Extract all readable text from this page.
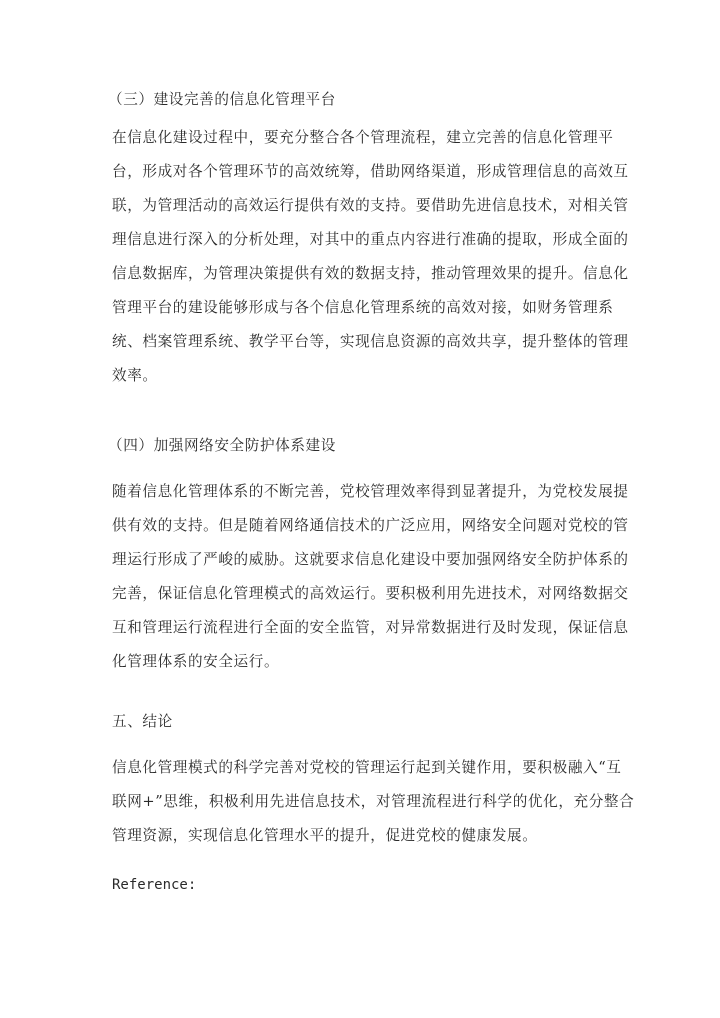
（三）建设完善的信息化管理平台
在信息化建设过程中，要充分整合各个管理流程，建立完善的信息化管理平
台，形成对各个管理环节的高效统筹，借助网络渠道，形成管理信息的高效互
联，为管理活动的高效运行提供有效的支持。要借助先进信息技术，对相关管
理信息进行深入的分析处理，对其中的重点内容进行准确的提取，形成全面的
信息数据库，为管理决策提供有效的数据支持，推动管理效果的提升。信息化
管理平台的建设能够形成与各个信息化管理系统的高效对接，如财务管理系
统、档案管理系统、教学平台等，实现信息资源的高效共享，提升整体的管理
效率。
（四）加强网络安全防护体系建设
随着信息化管理体系的不断完善，党校管理效率得到显著提升，为党校发展提
供有效的支持。但是随着网络通信技术的广泛应用，网络安全问题对党校的管
理运行形成了严峻的威胁。这就要求信息化建设中要加强网络安全防护体系的
完善，保证信息化管理模式的高效运行。要积极利用先进技术，对网络数据交
互和管理运行流程进行全面的安全监管，对异常数据进行及时发现，保证信息
化管理体系的安全运行。
五、结论
信息化管理模式的科学完善对党校的管理运行起到关键作用，要积极融入“互
联网+”思维，积极利用先进信息技术，对管理流程进行科学的优化，充分整合
管理资源，实现信息化管理水平的提升，促进党校的健康发展。
Reference:
